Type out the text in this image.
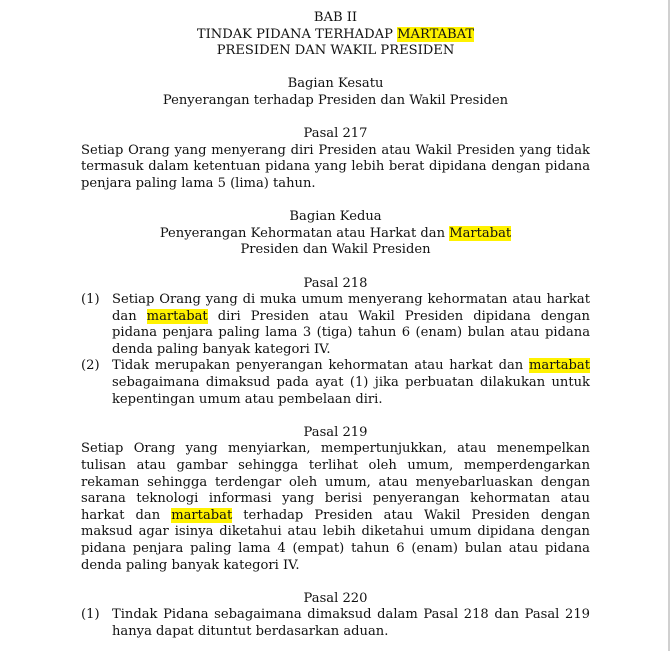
BAB II
TINDAK PIDANA TERHADAP MARTABAT
PRESIDEN DAN WAKIL PRESIDEN
Bagian Kesatu
Penyerangan terhadap Presiden dan Wakil Presiden
Pasal 217
Setiap Orang yang menyerang diri Presiden atau Wakil Presiden yang tidak termasuk dalam ketentuan pidana yang lebih berat dipidana dengan pidana penjara paling lama 5 (lima) tahun.
Bagian Kedua
Penyerangan Kehormatan atau Harkat dan Martabat
Presiden dan Wakil Presiden
Pasal 218
(1) Setiap Orang yang di muka umum menyerang kehormatan atau harkat dan martabat diri Presiden atau Wakil Presiden dipidana dengan pidana penjara paling lama 3 (tiga) tahun 6 (enam) bulan atau pidana denda paling banyak kategori IV.
(2) Tidak merupakan penyerangan kehormatan atau harkat dan martabat sebagaimana dimaksud pada ayat (1) jika perbuatan dilakukan untuk kepentingan umum atau pembelaan diri.
Pasal 219
Setiap Orang yang menyiarkan, mempertunjukkan, atau menempelkan tulisan atau gambar sehingga terlihat oleh umum, memperdengarkan rekaman sehingga terdengar oleh umum, atau menyebarluaskan dengan sarana teknologi informasi yang berisi penyerangan kehormatan atau harkat dan martabat terhadap Presiden atau Wakil Presiden dengan maksud agar isinya diketahui atau lebih diketahui umum dipidana dengan pidana penjara paling lama 4 (empat) tahun 6 (enam) bulan atau pidana denda paling banyak kategori IV.
Pasal 220
(1) Tindak Pidana sebagaimana dimaksud dalam Pasal 218 dan Pasal 219 hanya dapat dituntut berdasarkan aduan.
